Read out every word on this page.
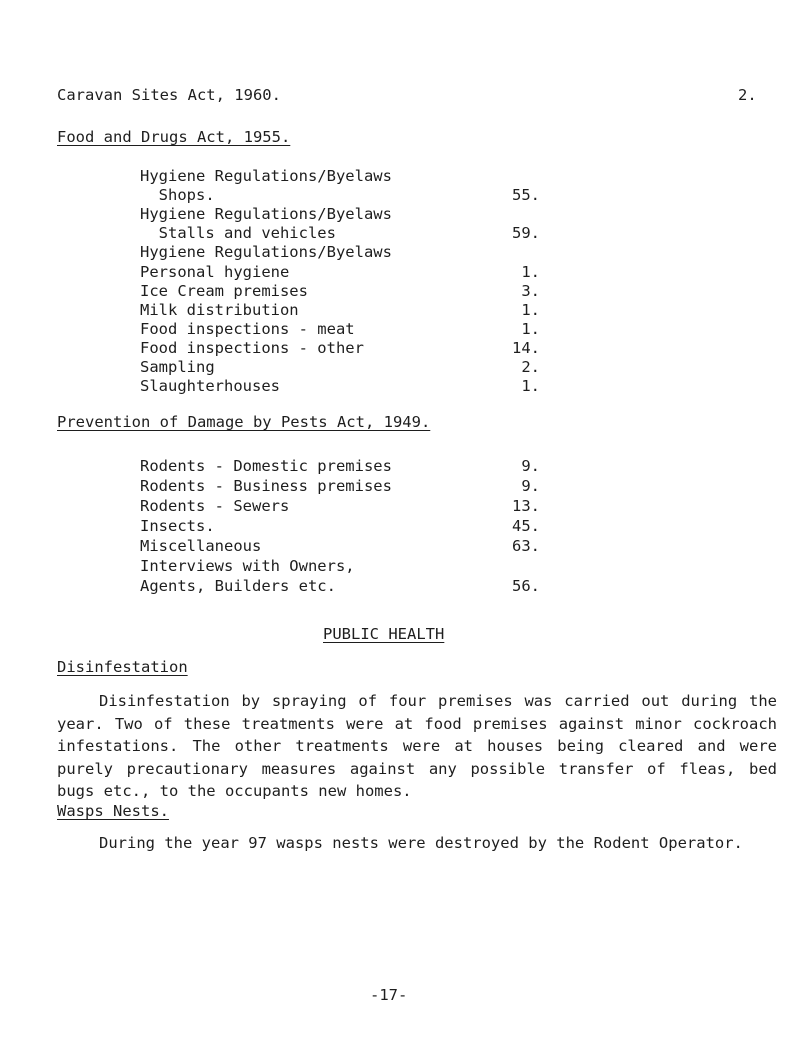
Caravan Sites Act, 1960.	2.
Food and Drugs Act, 1955.
Hygiene Regulations/Byelaws
Shops.	55.
Hygiene Regulations/Byelaws
Stalls and vehicles	59.
Hygiene Regulations/Byelaws
Personal hygiene	1.
Ice Cream premises	3.
Milk distribution	1.
Food inspections - meat	1.
Food inspections - other	14.
Sampling	2.
Slaughterhouses	1.
Prevention of Damage by Pests Act, 1949.
Rodents - Domestic premises	9.
Rodents - Business premises	9.
Rodents - Sewers	13.
Insects.	45.
Miscellaneous	63.
Interviews with Owners,
Agents, Builders etc.	56.
PUBLIC HEALTH
Disinfestation
Disinfestation by spraying of four premises was carried out during the year. Two of these treatments were at food premises against minor cockroach infestations. The other treatments were at houses being cleared and were purely precautionary measures against any possible transfer of fleas, bed bugs etc., to the occupants new homes.
Wasps Nests.
During the year 97 wasps nests were destroyed by the Rodent Operator.
-17-
